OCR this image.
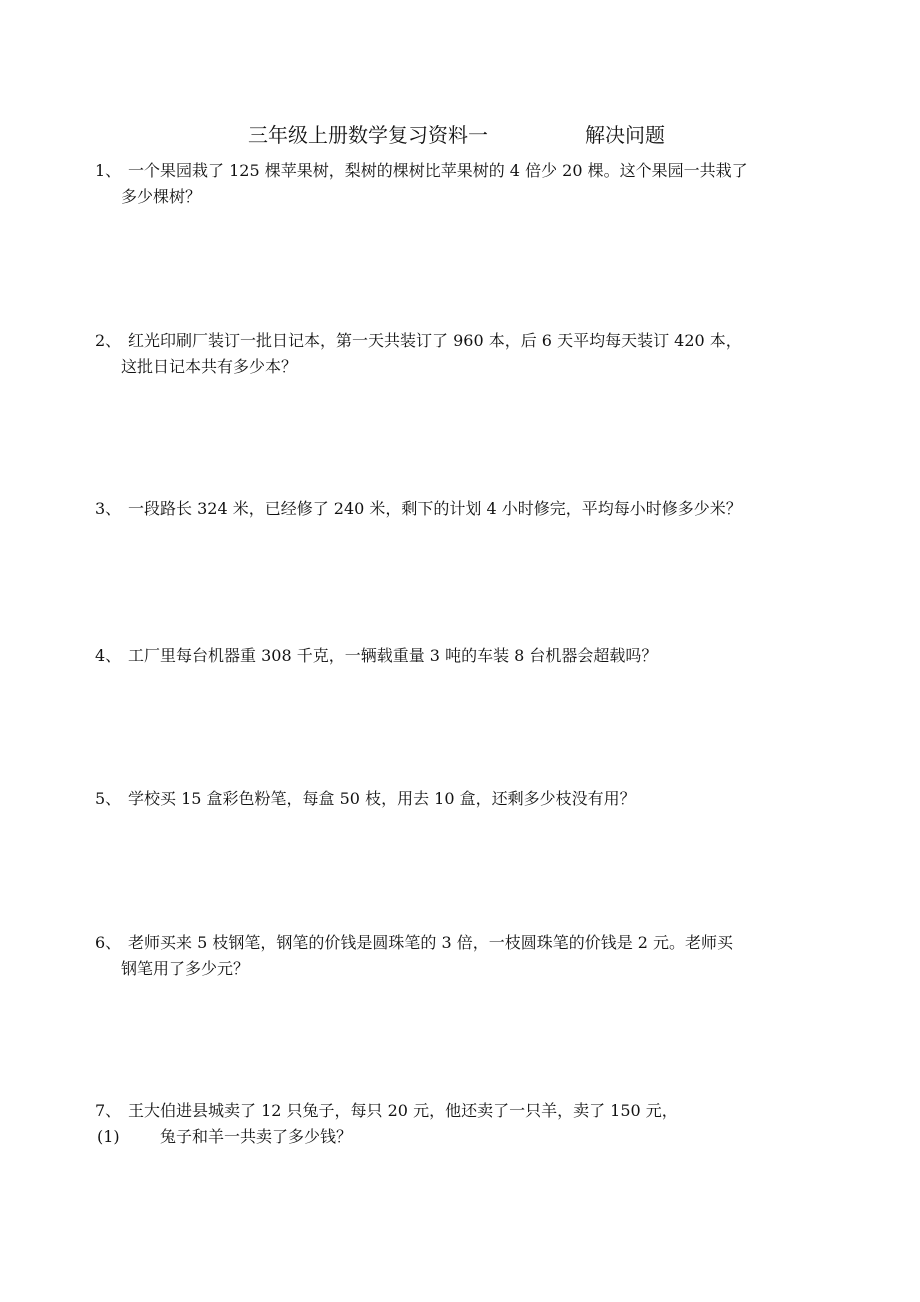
三年级上册数学复习资料一	解决问题
1、 一个果园栽了 125 棵苹果树，梨树的棵树比苹果树的 4 倍少 20 棵。这个果园一共栽了
多少棵树？
2、 红光印刷厂装订一批日记本，第一天共装订了 960 本，后 6 天平均每天装订 420 本，
这批日记本共有多少本？
3、 一段路长 324 米，已经修了 240 米，剩下的计划 4 小时修完，平均每小时修多少米？
4、 工厂里每台机器重 308 千克，一辆载重量 3 吨的车装 8 台机器会超载吗？
5、 学校买 15 盒彩色粉笔，每盒 50 枝，用去 10 盒，还剩多少枝没有用？
6、 老师买来 5 枝钢笔，钢笔的价钱是圆珠笔的 3 倍，一枝圆珠笔的价钱是 2 元。老师买
钢笔用了多少元？
7、 王大伯进县城卖了 12 只兔子，每只 20 元，他还卖了一只羊，卖了 150 元，
(1)	兔子和羊一共卖了多少钱？
